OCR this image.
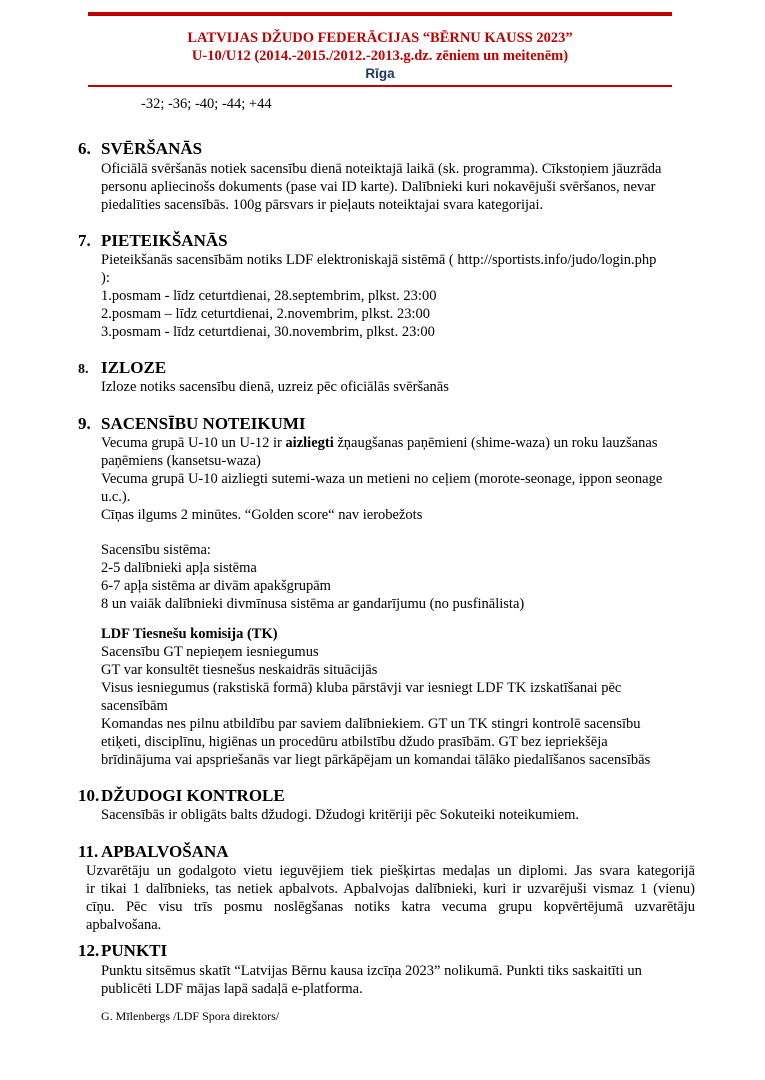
LATVIJAS DŽUDO FEDERĀCIJAS “BĒRNU KAUSS 2023”
U-10/U12 (2014.-2015./2012.-2013.g.dz. zēniem un meitenēm)
Rīga
-32; -36; -40; -44; +44
6. SVĒRŠANĀS
Oficiālā svēršanās notiek sacensību dienā noteiktajā laikā (sk. programma). Cīkstoņiem jāuzrāda
personu apliecinošs dokuments (pase vai ID karte). Dalībnieki kuri nokavējuši svēršanos, nevar
piedalīties sacensībās. 100g pārsvars ir pieļauts noteiktajai svara kategorijai.
7. PIETEIKŠANĀS
Pieteikšanās sacensībām notiks LDF elektroniskajā sistēmā ( http://sportists.info/judo/login.php
):
1.posmam - līdz ceturtdienai, 28.septembrim, plkst. 23:00
2.posmam – līdz ceturtdienai, 2.novembrim, plkst. 23:00
3.posmam - līdz ceturtdienai, 30.novembrim, plkst. 23:00
8. IZLOZE
Izloze notiks sacensību dienā, uzreiz pēc oficiālās svēršanās
9. SACENSĪBU NOTEIKUMI
Vecuma grupā U-10 un U-12 ir aizliegti žņaugšanas paņēmieni (shime-waza) un roku lauzšanas
paņēmiens (kansetsu-waza)
Vecuma grupā U-10 aizliegti sutemi-waza un metieni no ceļiem (morote-seonage, ippon seonage
u.c.).
Cīņas ilgums 2 minūtes. “Golden score“ nav ierobežots
Sacensību sistēma:
2-5 dalībnieki apļa sistēma
6-7 apļa sistēma ar divām apakšgrupām
8 un vaiāk dalībnieki divmīnusa sistēma ar gandarījumu (no pusfinālista)
LDF Tiesnešu komisija (TK)
Sacensību GT nepieņem iesniegumus
GT var konsultēt tiesnešus neskaidrās situācijās
Visus iesniegumus (rakstiskā formā) kluba pārstāvji var iesniegt LDF TK izskatīšanai pēc
sacensībām
Komandas nes pilnu atbildību par saviem dalībniekiem. GT un TK stingri kontrolē sacensību
etiķeti, disciplīnu, higiēnas un procedūru atbilstību džudo prasībām. GT bez iepriekšēja
brīdinājuma vai apspriešanās var liegt pārkāpējam un komandai tālāko piedalīšanos sacensībās
10. DŽUDOGI KONTROLE
Sacensībās ir obligāts balts džudogi. Džudogi kritēriji pēc Sokuteiki noteikumiem.
11. APBALVOŠANA
Uzvarētāju un godalgoto vietu ieguvējiem tiek piešķirtas medaļas un diplomi. Jas svara kategorijā
ir tikai 1 dalībnieks, tas netiek apbalvots. Apbalvojas dalībnieki, kuri ir uzvarējuši vismaz 1 (vienu)
cīņu. Pēc visu trīs posmu noslēgšanas notiks katra vecuma grupu kopvērtējumā uzvarētāju
apbalvošana.
12. PUNKTI
Punktu sitsēmus skatīt “Latvijas Bērnu kausa izcīņa 2023” nolikumā. Punkti tiks saskaitīti un
publicēti LDF mājas lapā sadaļā e-platforma.
G. Mīlenbergs /LDF Spora direktors/
